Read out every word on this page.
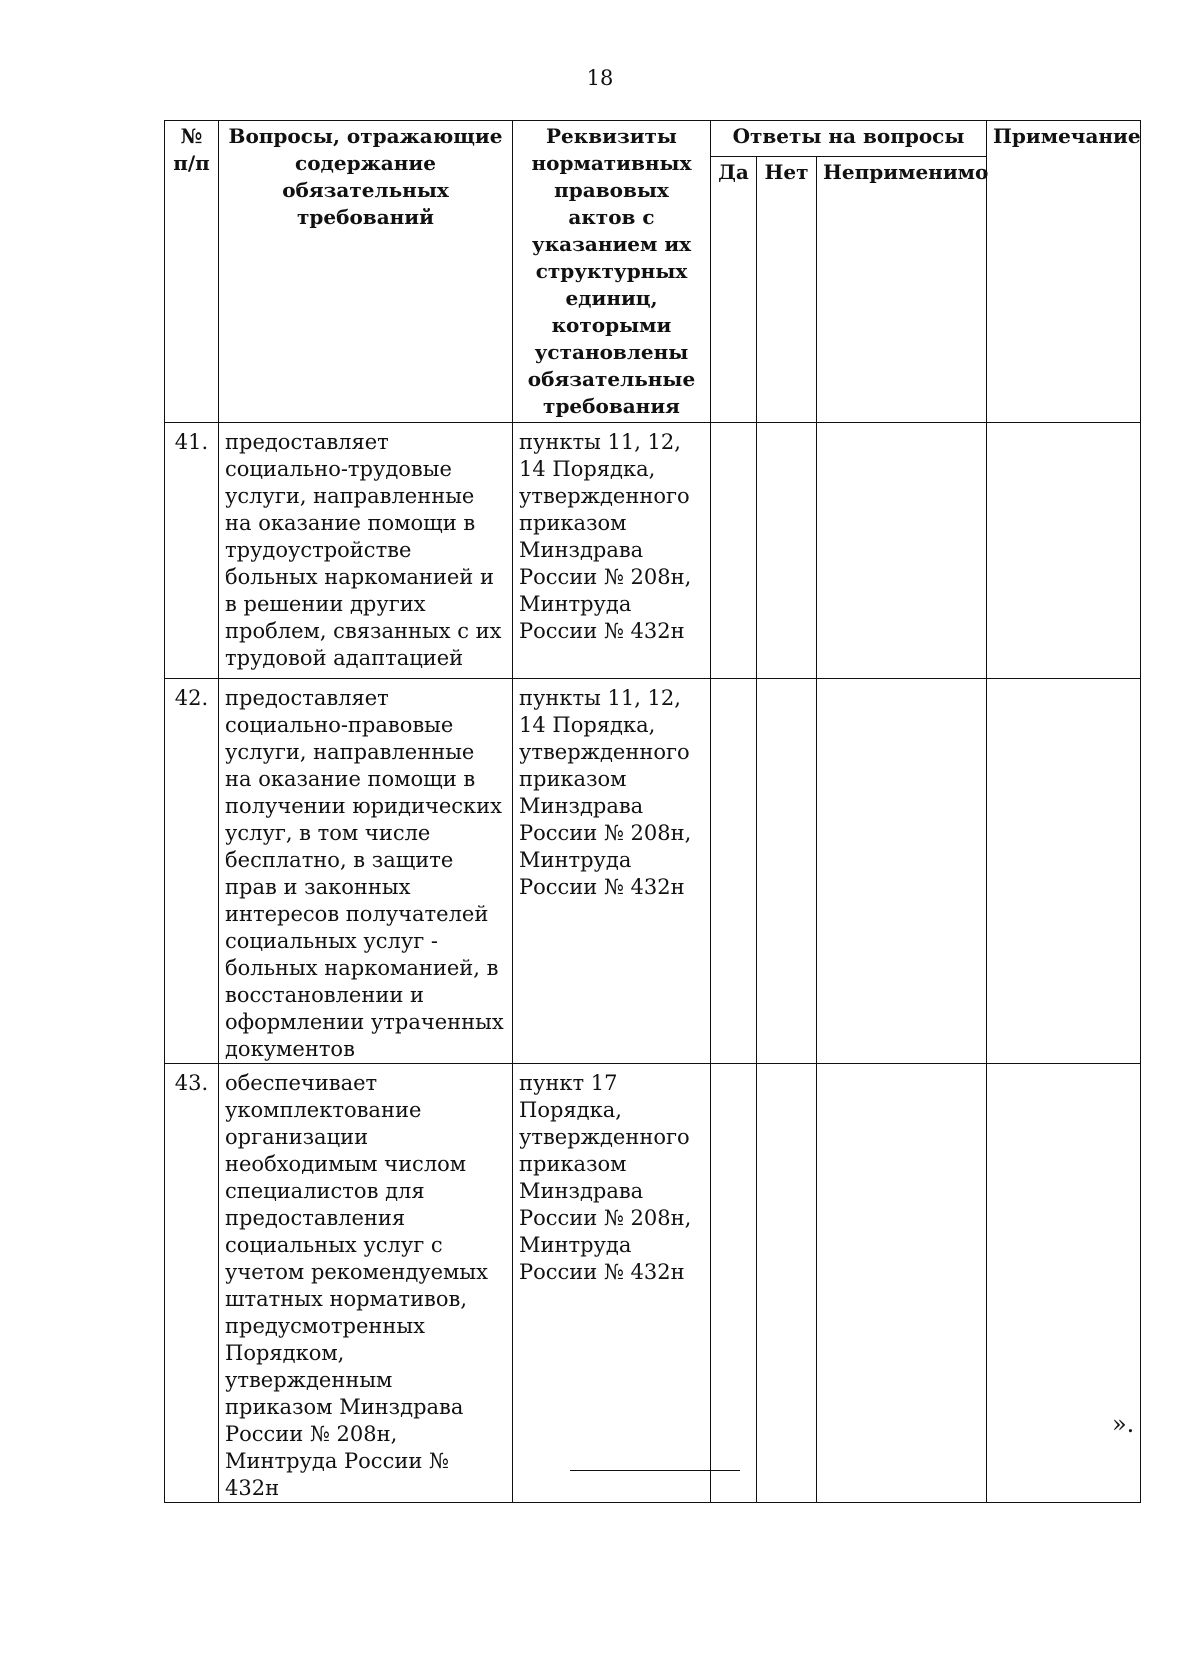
18
№ п/п	Вопросы, отражающие содержание обязательных требований	Реквизиты нормативных правовых актов с указанием их структурных единиц, которыми установлены обязательные требования	Ответы на вопросы			Примечание
			Да	Нет	Неприменимо	
41.	предоставляет социально-трудовые услуги, направленные на оказание помощи в трудоустройстве больных наркоманией и в решении других проблем, связанных с их трудовой адаптацией	пункты 11, 12, 14 Порядка, утвержденного приказом Минздрава России № 208н, Минтруда России № 432н				
42.	предоставляет социально-правовые услуги, направленные на оказание помощи в получении юридических услуг, в том числе бесплатно, в защите прав и законных интересов получателей социальных услуг - больных наркоманией, в восстановлении и оформлении утраченных документов	пункты 11, 12, 14 Порядка, утвержденного приказом Минздрава России № 208н, Минтруда России № 432н				
43.	обеспечивает укомплектование организации необходимым числом специалистов для предоставления социальных услуг с учетом рекомендуемых штатных нормативов, предусмотренных Порядком, утвержденным приказом Минздрава России № 208н, Минтруда России № 432н	пункт 17 Порядка, утвержденного приказом Минздрава России № 208н, Минтруда России № 432н				
».
